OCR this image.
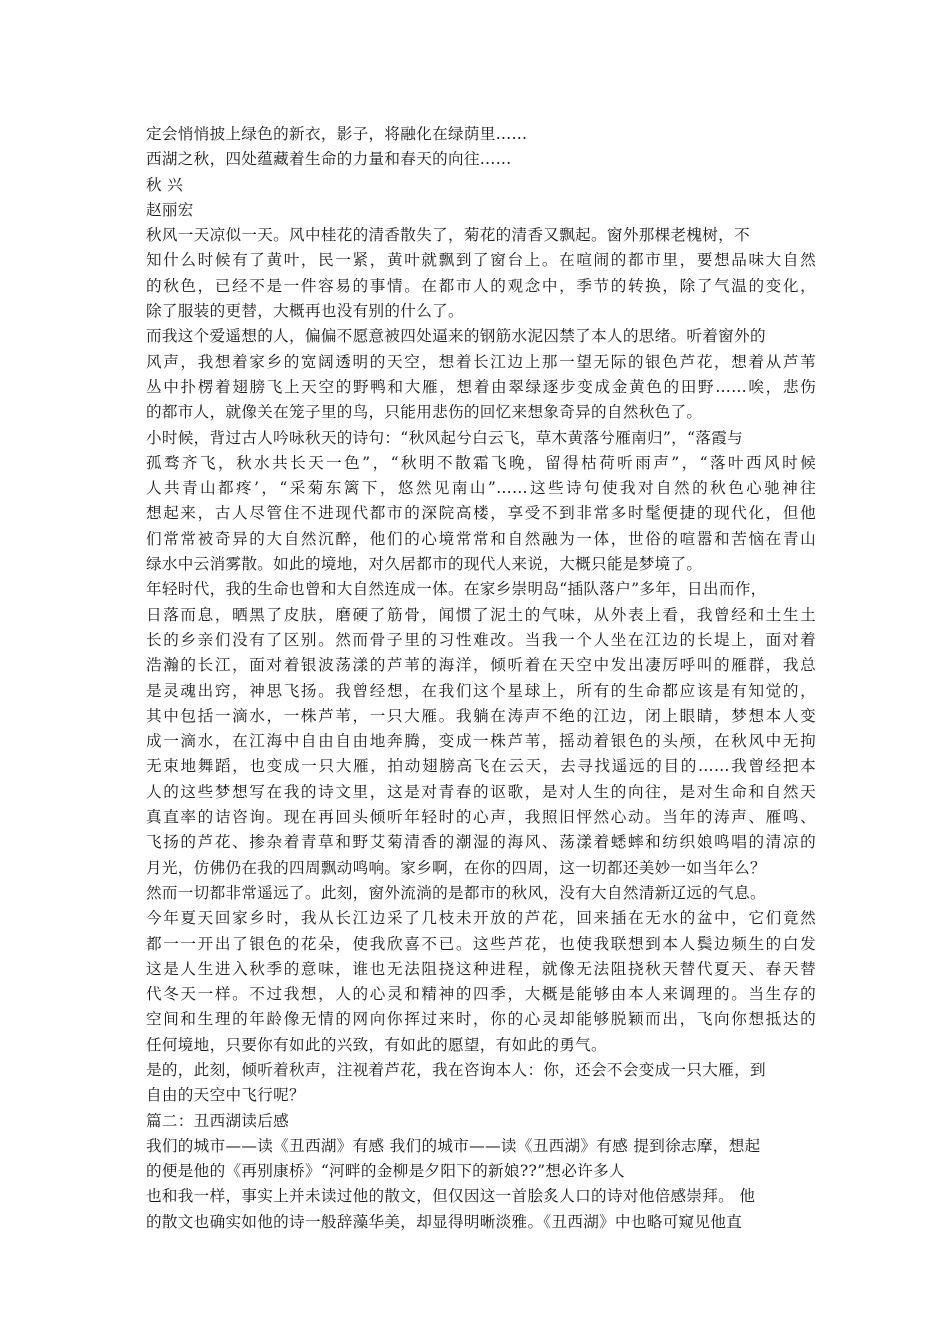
定会悄悄披上绿色的新衣，影子，将融化在绿荫里……
西湖之秋，四处蕴藏着生命的力量和春天的向往……
秋 兴
赵丽宏
秋风一天凉似一天。风中桂花的清香散失了，菊花的清香又飘起。窗外那棵老槐树，不
知什么时候有了黄叶，民一紧，黄叶就飘到了窗台上。在喧闹的都市里，要想品味大自然
的秋色，已经不是一件容易的事情。在都市人的观念中，季节的转换，除了气温的变化，
除了服装的更替，大概再也没有别的什么了。
而我这个爱遥想的人，偏偏不愿意被四处逼来的钢筋水泥囚禁了本人的思绪。听着窗外的
风声，我想着家乡的宽阔透明的天空，想着长江边上那一望无际的银色芦花，想着从芦苇
丛中扑楞着翅膀飞上天空的野鸭和大雁，想着由翠绿逐步变成金黄色的田野……唉，悲伤
的都市人，就像关在笼子里的鸟，只能用悲伤的回忆来想象奇异的自然秋色了。
小时候，背过古人吟咏秋天的诗句：“秋风起兮白云飞，草木黄落兮雁南归”，“落霞与
孤骛齐飞，秋水共长天一色”，“秋明不散霜飞晚，留得枯荷听雨声”，“落叶西风时候
人共青山都疼’，“采菊东篱下，悠然见南山”……这些诗句使我对自然的秋色心驰神往
想起来，古人尽管住不进现代都市的深院高楼，享受不到非常多时髦便捷的现代化，但他
们常常被奇异的大自然沉醉，他们的心境常常和自然融为一体，世俗的喧嚣和苦恼在青山
绿水中云消雾散。如此的境地，对久居都市的现代人来说，大概只能是梦境了。
年轻时代，我的生命也曾和大自然连成一体。在家乡崇明岛“插队落户”多年，日出而作，
日落而息，晒黑了皮肤，磨硬了筋骨，闻惯了泥土的气味，从外表上看，我曾经和土生土
长的乡亲们没有了区别。然而骨子里的习性难改。当我一个人坐在江边的长堤上，面对着
浩瀚的长江，面对着银波荡漾的芦苇的海洋，倾听着在天空中发出凄厉呼叫的雁群，我总
是灵魂出窍，神思飞扬。我曾经想，在我们这个星球上，所有的生命都应该是有知觉的，
其中包括一滴水，一株芦苇，一只大雁。我躺在涛声不绝的江边，闭上眼睛，梦想本人变
成一滴水，在江海中自由自由地奔腾，变成一株芦苇，摇动着银色的头颅，在秋风中无拘
无束地舞蹈，也变成一只大雁，拍动翅膀高飞在云天，去寻找遥远的目的……我曾经把本
人的这些梦想写在我的诗文里，这是对青春的讴歌，是对人生的向往，是对生命和自然天
真直率的诘咨询。现在再回头倾听年轻时的心声，我照旧怦然心动。当年的涛声、雁鸣、
飞扬的芦花、掺杂着青草和野艾菊清香的潮湿的海风、荡漾着蟋蟀和纺织娘鸣唱的清凉的
月光，仿佛仍在我的四周飘动鸣响。家乡啊，在你的四周，这一切都还美妙一如当年么？
然而一切都非常遥远了。此刻，窗外流淌的是都市的秋风，没有大自然清新辽远的气息。
今年夏天回家乡时，我从长江边采了几枝未开放的芦花，回来插在无水的盆中，它们竟然
都一一开出了银色的花朵，使我欣喜不已。这些芦花，也使我联想到本人鬓边频生的白发
这是人生进入秋季的意味，谁也无法阻挠这种进程，就像无法阻挠秋天替代夏天、春天替
代冬天一样。不过我想，人的心灵和精神的四季，大概是能够由本人来调理的。当生存的
空间和生理的年龄像无情的网向你挥过来时，你的心灵却能够脱颖而出，飞向你想抵达的
任何境地，只要你有如此的兴致，有如此的愿望，有如此的勇气。
是的，此刻，倾听着秋声，注视着芦花，我在咨询本人：你，还会不会变成一只大雁，到
自由的天空中飞行呢？
篇二：丑西湖读后感
我们的城市——读《丑西湖》有感 我们的城市——读《丑西湖》有感 提到徐志摩，想起
的便是他的《再别康桥》“河畔的金柳是夕阳下的新娘??”想必许多人
也和我一样，事实上并未读过他的散文，但仅因这一首脍炙人口的诗对他倍感崇拜。 他
的散文也确实如他的诗一般辞藻华美，却显得明晰淡雅。《丑西湖》中也略可窥见他直
